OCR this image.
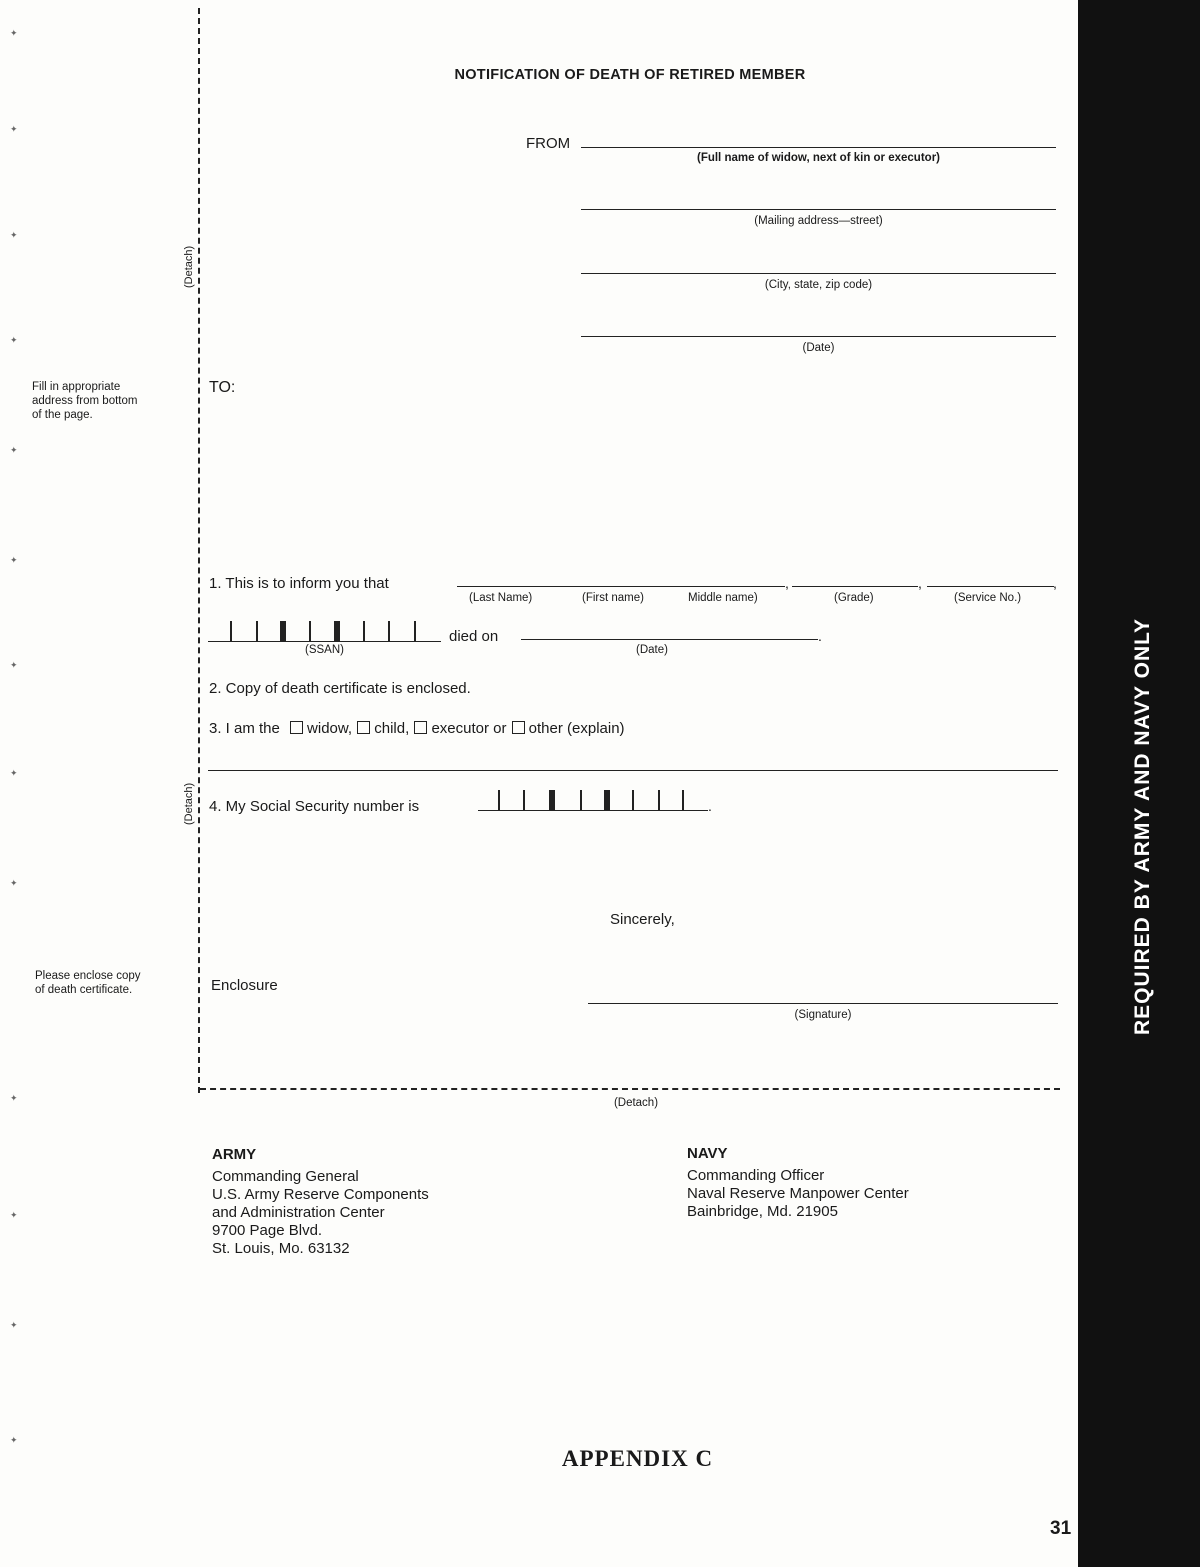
✦
✦
✦
✦
✦
✦
✦
✦
✦
✦
✦
✦
✦
(Detach)
(Detach)
NOTIFICATION OF DEATH OF RETIRED MEMBER
FROM
(Full name of widow, next of kin or executor)
(Mailing address—street)
(City, state, zip code)
(Date)
Fill in appropriate
address from bottom
of the page.
TO:
1. This is to inform you that	,	,	,
(Last Name)	(First name)	Middle name)	(Grade)	(Service No.)
(SSAN)
died on	.
(Date)
2. Copy of death certificate is enclosed.
3. I am the widow, child, executor or other (explain)
4. My Social Security number is	.
Sincerely,
Enclosure
Please enclose copy
of death certificate.
(Signature)
(Detach)
ARMY
Commanding General
U.S. Army Reserve Components
and Administration Center
9700 Page Blvd.
St. Louis, Mo. 63132
NAVY
Commanding Officer
Naval Reserve Manpower Center
Bainbridge, Md. 21905
APPENDIX C
REQUIRED BY ARMY AND NAVY ONLY
31
